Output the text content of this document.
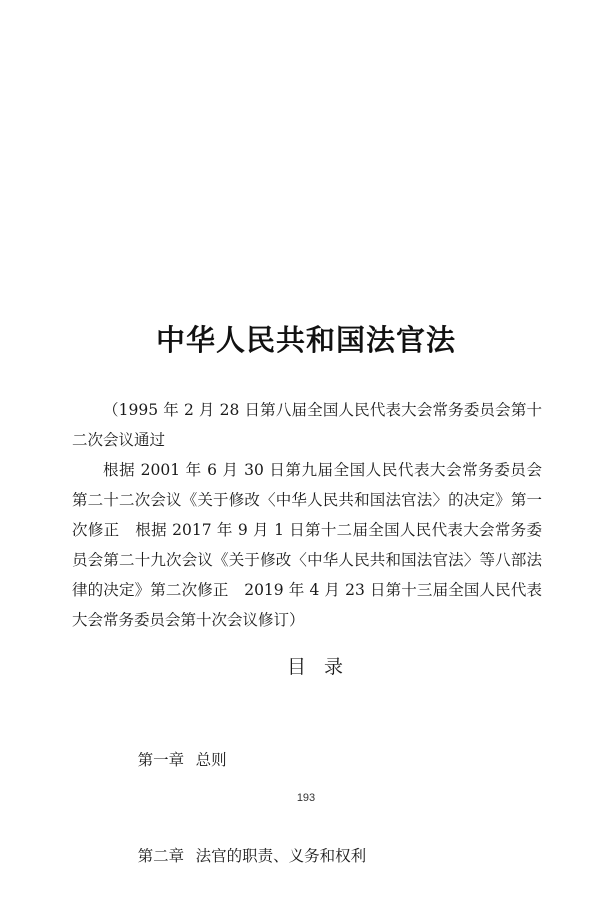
中华人民共和国法官法

（1995 年 2 月 28 日第八届全国人民代表大会常务委员会第十二次会议通过

根据 2001 年 6 月 30 日第九届全国人民代表大会常务委员会第二十二次会议《关于修改〈中华人民共和国法官法〉的决定》第一次修正　根据 2017 年 9 月 1 日第十二届全国人民代表大会常务委员会第二十九次会议《关于修改〈中华人民共和国法官法〉等八部法律的决定》第二次修正　2019 年 4 月 23 日第十三届全国人民代表大会常务委员会第十次会议修订）

目录

第一章 总则

第二章 法官的职责、义务和权利

193
